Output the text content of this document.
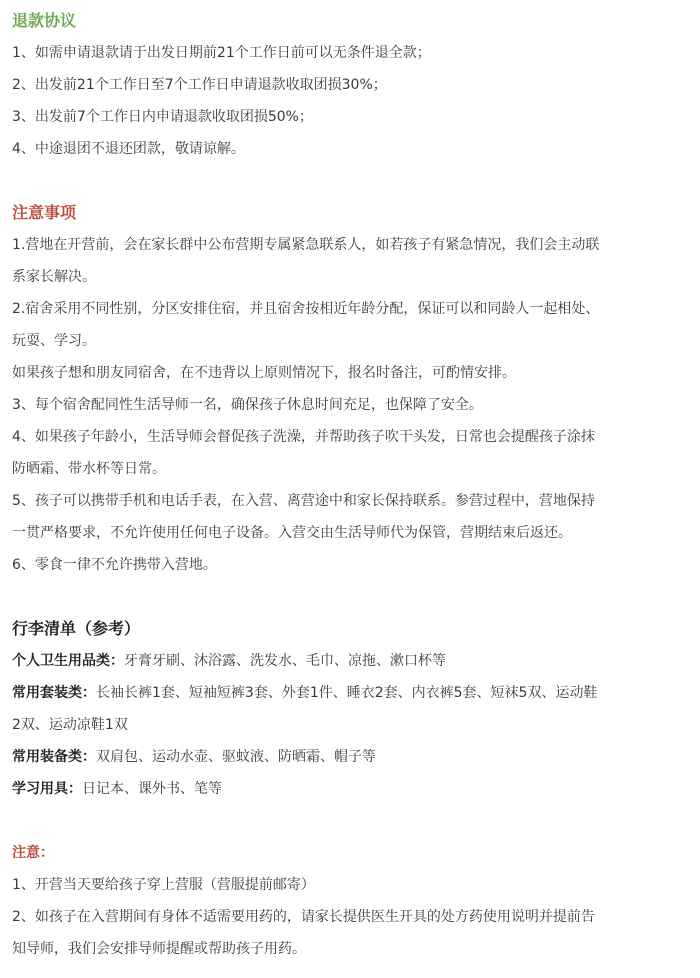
退款协议
1、如需申请退款请于出发日期前21个工作日前可以无条件退全款；
2、出发前21个工作日至7个工作日申请退款收取团损30%；
3、出发前7个工作日内申请退款收取团损50%；
4、中途退团不退还团款，敬请谅解。
注意事项
1.营地在开营前，会在家长群中公布营期专属紧急联系人，如若孩子有紧急情况，我们会主动联
系家长解决。
2.宿舍采用不同性别，分区安排住宿，并且宿舍按相近年龄分配，保证可以和同龄人一起相处、
玩耍、学习。
如果孩子想和朋友同宿舍，在不违背以上原则情况下，报名时备注，可酌情安排。
3、每个宿舍配同性生活导师一名，确保孩子休息时间充足，也保障了安全。
4、如果孩子年龄小，生活导师会督促孩子洗澡，并帮助孩子吹干头发，日常也会提醒孩子涂抹
防晒霜、带水杯等日常。
5、孩子可以携带手机和电话手表，在入营、离营途中和家长保持联系。参营过程中，营地保持
一贯严格要求，不允许使用任何电子设备。入营交由生活导师代为保管，营期结束后返还。
6、零食一律不允许携带入营地。
行李清单（参考）
个人卫生用品类：牙膏牙刷、沐浴露、洗发水、毛巾、凉拖、漱口杯等
常用套装类：长袖长裤1套、短袖短裤3套、外套1件、睡衣2套、内衣裤5套、短袜5双、运动鞋
2双、运动凉鞋1双
常用装备类：双肩包、运动水壶、驱蚊液、防晒霜、帽子等
学习用具：日记本、课外书、笔等
注意：
1、开营当天要给孩子穿上营服（营服提前邮寄）
2、如孩子在入营期间有身体不适需要用药的，请家长提供医生开具的处方药使用说明并提前告
知导师，我们会安排导师提醒或帮助孩子用药。
